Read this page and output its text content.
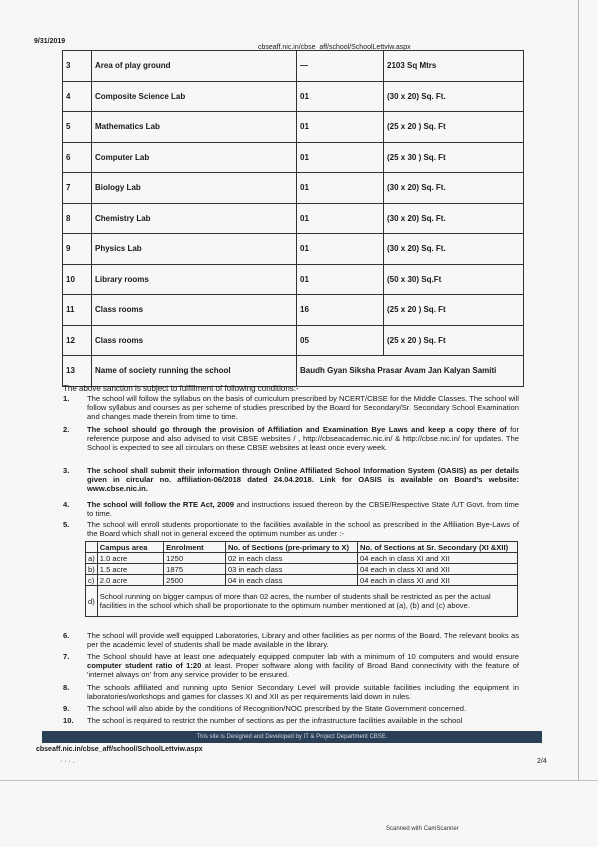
9/31/2019
cbseaff.nic.in/cbse_aff/school/SchoolLettviw.aspx
3	Area of play ground	—	2103 Sq Mtrs
4	Composite Science Lab	01	(30 x 20) Sq. Ft.
5	Mathematics Lab	01	(25 x 20 ) Sq. Ft
6	Computer Lab	01	(25 x 30 ) Sq. Ft
7	Biology Lab	01	(30 x 20) Sq. Ft.
8	Chemistry Lab	01	(30 x 20) Sq. Ft.
9	Physics Lab	01	(30 x 20) Sq. Ft.
10	Library rooms	01	(50 x 30) Sq.Ft
11	Class rooms	16	(25 x 20 ) Sq. Ft
12	Class rooms	05	(25 x 20 ) Sq. Ft
13	Name of society running the school	Baudh Gyan Siksha Prasar Avam Jan Kalyan Samiti	
The above sanction is subject to fulfillment of following conditions:-
1. The school will follow the syllabus on the basis of curriculum prescribed by NCERT/CBSE for the Middle Classes. The school will follow syllabus and courses as per scheme of studies prescribed by the Board for Secondary/Sr. Secondary School Examination and changes made therein from time to time.
2. The school should go through the provision of Affiliation and Examination Bye Laws and keep a copy there of for reference purpose and also advised to visit CBSE websites / , http://cbseacademic.nic.in/ & http://cbse.nic.in/ for updates. The School is expected to see all circulars on these CBSE websites at least once every week.
3. The school shall submit their information through Online Affiliated School Information System (OASIS) as per details given in circular no. affiliation-06/2018 dated 24.04.2018. Link for OASIS is available on Board's website: www.cbse.nic.in.
4. The school will follow the RTE Act, 2009 and instructions issued thereon by the CBSE/Respective State /UT Govt. from time to time.
5. The school will enroll students proportionate to the facilities available in the school as prescribed in the Affiliation Bye-Laws of the Board which shall not in general exceed the optimum number as under :-
	Campus area	Enrolment	No. of Sections (pre-primary to X)	No. of Sections at Sr. Secondary (XI &XII)
a)	1.0 acre	1250	02 in each class	04 each in class XI and XII
b)	1.5 acre	1875	03 in each class	04 each in class XI and XII
c)	2.0 acre	2500	04 in each class	04 each in class XI and XII
d)	School running on bigger campus of more than 02 acres, the number of students shall be restricted as per the actual facilities in the school which shall be proportionate to the optimum number mentioned at (a), (b) and (c) above.			
6. The school will provide well equipped Laboratories, Library and other facilities as per norms of the Board. The relevant books as per the academic level of students shall be made available in the library.
7. The School should have at least one adequately equipped computer lab with a minimum of 10 computers and would ensure computer student ratio of 1:20 at least. Proper software along with facility of Broad Band connectivity with the feature of 'internet always on' from any service provider to be ensured.
8. The schools affiliated and running upto Senior Secondary Level will provide suitable facilities including the equipment in laboratories/workshops and games for classes XI and XII as per requirements laid down in rules.
9. The school will also abide by the conditions of Recognition/NOC prescribed by the State Government concerned.
10. The school is required to restrict the number of sections as per the infrastructure facilities available in the school
This site is Designed and Developed by IT & Project Department CBSE.
cbseaff.nic.in/cbse_aff/school/SchoolLettviw.aspx
· · · .	2/4
Scanned with CamScanner
